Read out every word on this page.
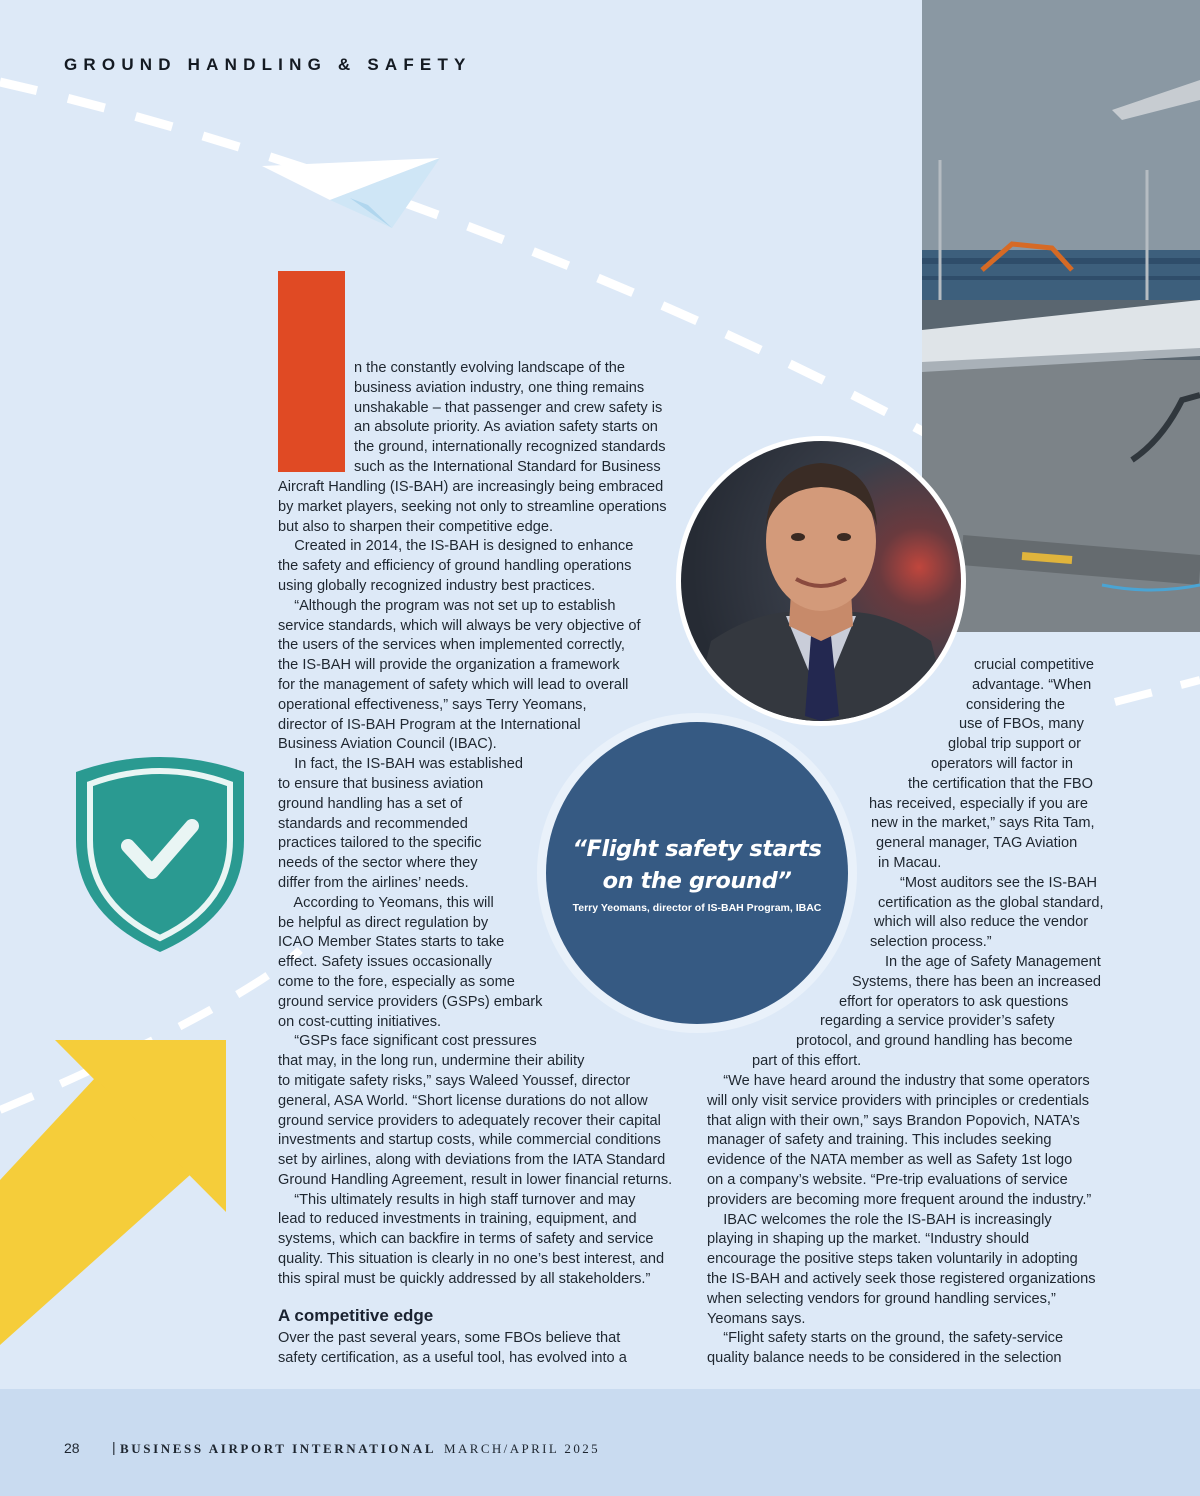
GROUND HANDLING & SAFETY

n the constantly evolving landscape of the

business aviation industry, one thing remains

unshakable – that passenger and crew safety is

an absolute priority. As aviation safety starts on

the ground, internationally recognized standards

such as the International Standard for Business

Aircraft Handling (IS-BAH) are increasingly being embraced

by market players, seeking not only to streamline operations

but also to sharpen their competitive edge.

Created in 2014, the IS-BAH is designed to enhance

the safety and efficiency of ground handling operations

using globally recognized industry best practices.

“Although the program was not set up to establish

service standards, which will always be very objective of

the users of the services when implemented correctly,

the IS-BAH will provide the organization a framework

for the management of safety which will lead to overall

operational effectiveness,” says Terry Yeomans,

director of IS-BAH Program at the International

Business Aviation Council (IBAC).

In fact, the IS-BAH was established

to ensure that business aviation

ground handling has a set of

standards and recommended

practices tailored to the specific

needs of the sector where they

differ from the airlines’ needs.

According to Yeomans, this will

be helpful as direct regulation by

ICAO Member States starts to take

effect. Safety issues occasionally

come to the fore, especially as some

ground service providers (GSPs) embark

on cost-cutting initiatives.

“GSPs face significant cost pressures

that may, in the long run, undermine their ability

to mitigate safety risks,” says Waleed Youssef, director

general, ASA World. “Short license durations do not allow

ground service providers to adequately recover their capital

investments and startup costs, while commercial conditions

set by airlines, along with deviations from the IATA Standard

Ground Handling Agreement, result in lower financial returns.

“This ultimately results in high staff turnover and may

lead to reduced investments in training, equipment, and

systems, which can backfire in terms of safety and service

quality. This situation is clearly in no one’s best interest, and

this spiral must be quickly addressed by all stakeholders.”

A competitive edge

Over the past several years, some FBOs believe that

safety certification, as a useful tool, has evolved into a

crucial competitive
advantage. “When
considering the
use of FBOs, many
global trip support or
operators will factor in
the certification that the FBO
has received, especially if you are
new in the market,” says Rita Tam,
general manager, TAG Aviation
in Macau.
“Most auditors see the IS-BAH
certification as the global standard,
which will also reduce the vendor
selection process.”
In the age of Safety Management
Systems, there has been an increased
effort for operators to ask questions
regarding a service provider’s safety
protocol, and ground handling has become
part of this effort.

“We have heard around the industry that some operators

will only visit service providers with principles or credentials

that align with their own,” says Brandon Popovich, NATA’s

manager of safety and training. This includes seeking

evidence of the NATA member as well as Safety 1st logo

on a company’s website. “Pre-trip evaluations of service

providers are becoming more frequent around the industry.”

IBAC welcomes the role the IS-BAH is increasingly

playing in shaping up the market. “Industry should

encourage the positive steps taken voluntarily in adopting

the IS-BAH and actively seek those registered organizations

when selecting vendors for ground handling services,”

Yeomans says.

“Flight safety starts on the ground, the safety-service

quality balance needs to be considered in the selection

“Flight safety starts
on the ground”
Terry Yeomans, director of IS-BAH Program, IBAC
28 | BUSINESS AIRPORT INTERNATIONAL MARCH/APRIL 2025
